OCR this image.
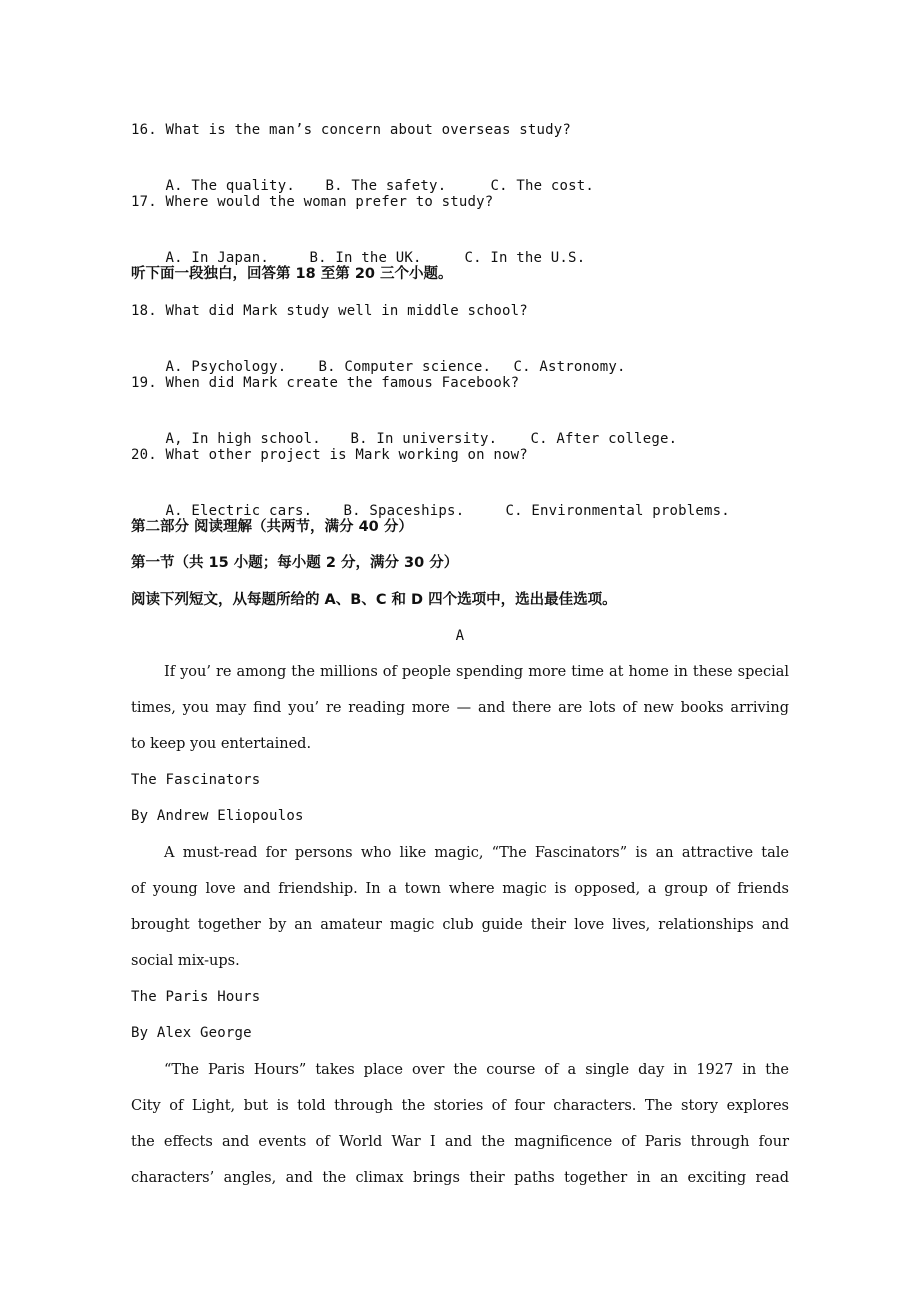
16. What is the man’s concern about overseas study?

A. The quality. B. The safety.	C. The cost.

17. Where would the woman prefer to study?

A. In Japan.	B. In the UK.	C. In the U.S.

听下面一段独白，回答第 18 至第 20 三个小题。
18. What did Mark study well in middle school?

A. Psychology. B. Computer science. C. Astronomy.

19. When did Mark create the famous Facebook?

A, In high school. B. In university. C. After college.

20. What other project is Mark working on now?

A. Electric cars. B. Spaceships.	C. Environmental problems.

第二部分 阅读理解（共两节，满分 40 分）
第一节（共 15 小题；每小题 2 分，满分 30 分）
阅读下列短文，从每题所给的 A、B、C 和 D 四个选项中，选出最佳选项。
A
If you’ re among the millions of people spending more time at home in these special
times, you may find you’ re reading more — and there are lots of new books arriving
to keep you entertained.
The Fascinators
By Andrew Eliopoulos
A must-read for persons who like magic, “The Fascinators” is an attractive tale
of young love and friendship. In a town where magic is opposed, a group of friends
brought together by an amateur magic club guide their love lives, relationships and
social mix-ups.
The Paris Hours
By Alex George
“The Paris Hours” takes place over the course of a single day in 1927 in the
City of Light, but is told through the stories of four characters. The story explores
the effects and events of World War I and the magnificence of Paris through four
characters’ angles, and the climax brings their paths together in an exciting read
